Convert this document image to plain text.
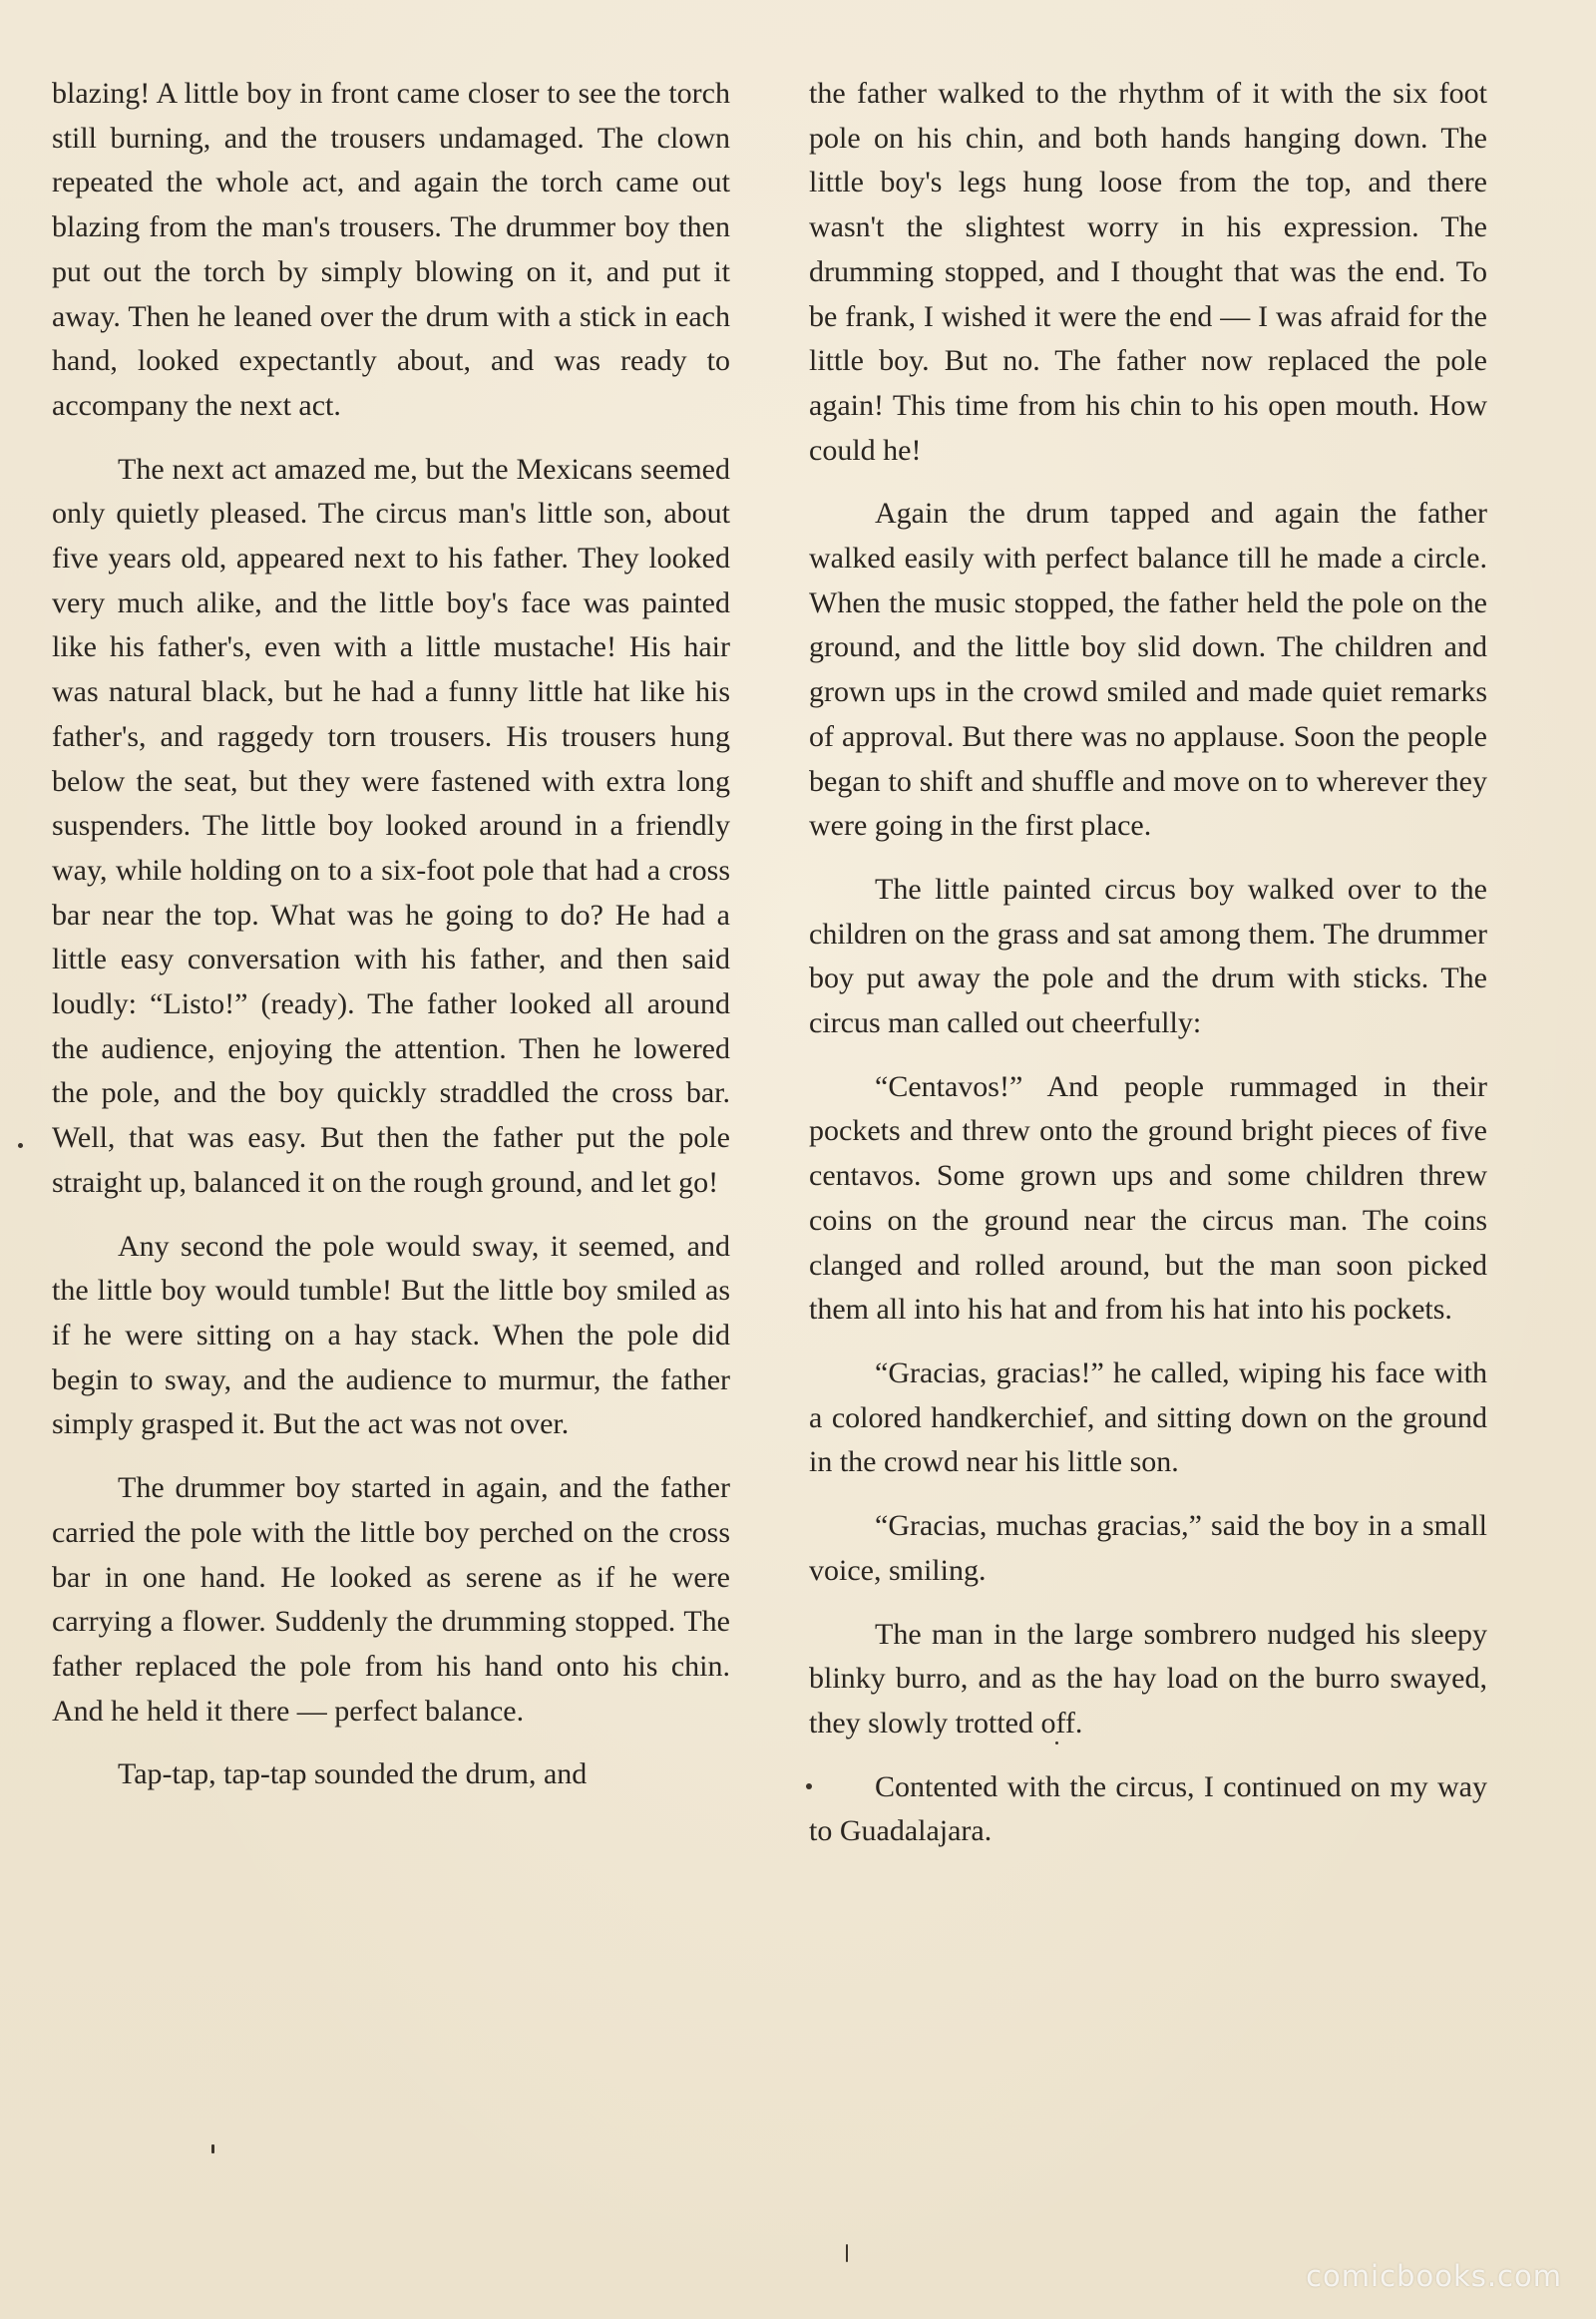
blazing! A little boy in front came closer to see the torch still burning, and the trousers undamaged. The clown repeated the whole act, and again the torch came out blazing from the man's trousers. The drummer boy then put out the torch by simply blowing on it, and put it away. Then he leaned over the drum with a stick in each hand, looked expectantly about, and was ready to accompany the next act.

The next act amazed me, but the Mexicans seemed only quietly pleased. The circus man's little son, about five years old, appeared next to his father. They looked very much alike, and the little boy's face was painted like his father's, even with a little mustache! His hair was natural black, but he had a funny little hat like his father's, and raggedy torn trousers. His trousers hung below the seat, but they were fastened with extra long suspenders. The little boy looked around in a friendly way, while holding on to a six-foot pole that had a cross bar near the top. What was he going to do? He had a little easy conversation with his father, and then said loudly: “Listo!” (ready). The father looked all around the audience, enjoying the attention. Then he lowered the pole, and the boy quickly straddled the cross bar. Well, that was easy. But then the father put the pole straight up, balanced it on the rough ground, and let go!

Any second the pole would sway, it seemed, and the little boy would tumble! But the little boy smiled as if he were sitting on a hay stack. When the pole did begin to sway, and the audience to murmur, the father simply grasped it. But the act was not over.

The drummer boy started in again, and the father carried the pole with the little boy perched on the cross bar in one hand. He looked as serene as if he were carrying a flower. Suddenly the drumming stopped. The father replaced the pole from his hand onto his chin. And he held it there — perfect balance.

Tap-tap, tap-tap sounded the drum, and

the father walked to the rhythm of it with the six foot pole on his chin, and both hands hanging down. The little boy's legs hung loose from the top, and there wasn't the slightest worry in his expression. The drumming stopped, and I thought that was the end. To be frank, I wished it were the end — I was afraid for the little boy. But no. The father now replaced the pole again! This time from his chin to his open mouth. How could he!

Again the drum tapped and again the father walked easily with perfect balance till he made a circle. When the music stopped, the father held the pole on the ground, and the little boy slid down. The children and grown ups in the crowd smiled and made quiet remarks of approval. But there was no applause. Soon the people began to shift and shuffle and move on to wherever they were going in the first place.

The little painted circus boy walked over to the children on the grass and sat among them. The drummer boy put away the pole and the drum with sticks. The circus man called out cheerfully:

“Centavos!” And people rummaged in their pockets and threw onto the ground bright pieces of five centavos. Some grown ups and some children threw coins on the ground near the circus man. The coins clanged and rolled around, but the man soon picked them all into his hat and from his hat into his pockets.

“Gracias, gracias!” he called, wiping his face with a colored handkerchief, and sitting down on the ground in the crowd near his little son.

“Gracias, muchas gracias,” said the boy in a small voice, smiling.

The man in the large sombrero nudged his sleepy blinky burro, and as the hay load on the burro swayed, they slowly trotted off.

Contented with the circus, I continued on my way to Guadalajara.

comicbooks.com
